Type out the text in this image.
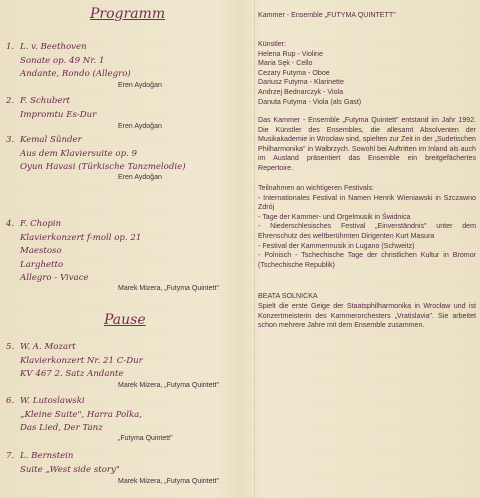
Programm
1. L. v. Beethoven
Sonate op. 49 Nr. 1
Andante, Rondo (Allegro)
Eren Aydoğan
2. F. Schubert
Impromtu Es-Dur
Eren Aydoğan
3. Kemal Sünder
Aus dem Klaviersuite op. 9
Oyun Havasi (Türkische Tanzmelodie)
Eren Aydoğan
4. F. Chopin
Klavierkonzert f-moll op. 21
Maestoso
Larghetto
Allegro - Vivace
Marek Mizera, „Futyma Quintett"
Pause
5. W. A. Mozart
Klavierkonzert Nr. 21 C-Dur
KV 467 2. Satz Andante
Marek Mizera, „Futyma Quintett"
6. W. Lutoslawski
„Kleine Suite", Harra Polka,
Das Lied, Der Tanz
„Futyma Quintett"
7. L. Bernstein
Suite „West side story"
Marek Mizera, „Futyma Quintett"
Kammer - Ensemble „FUTYMA QUINTETT"
Künstler:
Helena Rup - Violine
Maria Sęk - Cello
Cezary Futyma - Oboe
Dariusz Futyma - Klarinette
Andrzej Bednarczyk - Viola
Danuta Futyma - Viola (als Gast)
Das Kammer - Ensemble „Futyma Quintett" entstand im Jahr 1992. Die Künstler des Ensembles, die allesamt Absolventen der Musikakademie in Wrocław sind, spielten zur Zeit in der „Sudetischen Philharmonika" in Wałbrzych. Sowohl bei Auftritten im Inland als auch im Ausland präsentiert das Ensemble ein breitgefächertes Repertoire.
Teilnahmen an wichtigeren Festivals:
- Internationales Festival in Namen Henrik Wieniawski in Szczawno Zdrój
- Tage der Kammer- und Orgelmusik in Świdnica
- Niederschlesisches Festival „Einverständnis" unter dem Ehrenschutz des weltberühmten Dirigenten Kurt Masura
- Festival der Kammermusik in Lugano (Schweitz)
- Polnisch - Tschechische Tage der christlichen Kultur in Bromor (Tschechische Republik)
BEATA SOLNICKA
Spielt die erste Geige der Staatsphilharmonika in Wrocław und ist Konzertmeisterin des Kammerorchesters „Vratislavia". Sie arbeitet schon mehrere Jahre mit dem Ensemble zusammen.
